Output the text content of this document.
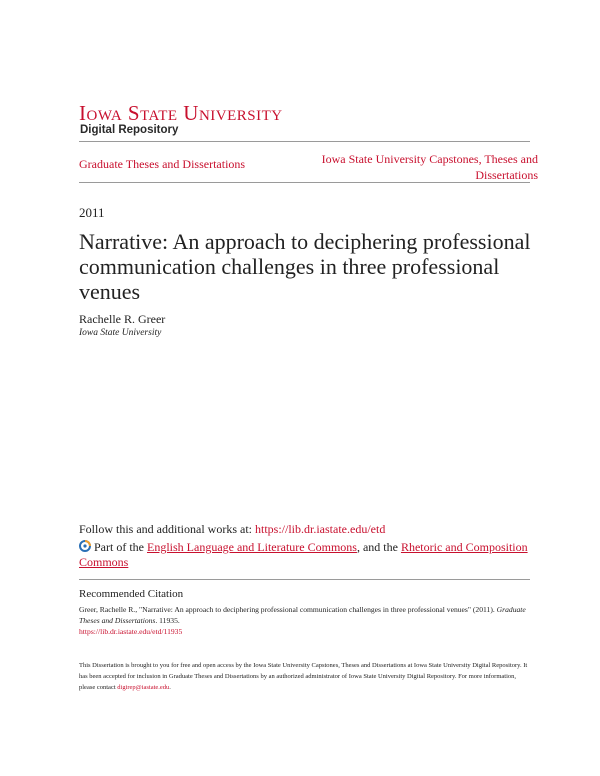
Iowa State University
Digital Repository
Graduate Theses and Dissertations	Iowa State University Capstones, Theses and Dissertations
2011
Narrative: An approach to deciphering professional communication challenges in three professional venues
Rachelle R. Greer
Iowa State University
Follow this and additional works at: https://lib.dr.iastate.edu/etd
Part of the English Language and Literature Commons, and the Rhetoric and Composition Commons
Recommended Citation
Greer, Rachelle R., "Narrative: An approach to deciphering professional communication challenges in three professional venues" (2011). Graduate Theses and Dissertations. 11935.
https://lib.dr.iastate.edu/etd/11935
This Dissertation is brought to you for free and open access by the Iowa State University Capstones, Theses and Dissertations at Iowa State University Digital Repository. It has been accepted for inclusion in Graduate Theses and Dissertations by an authorized administrator of Iowa State University Digital Repository. For more information, please contact digirep@iastate.edu.
